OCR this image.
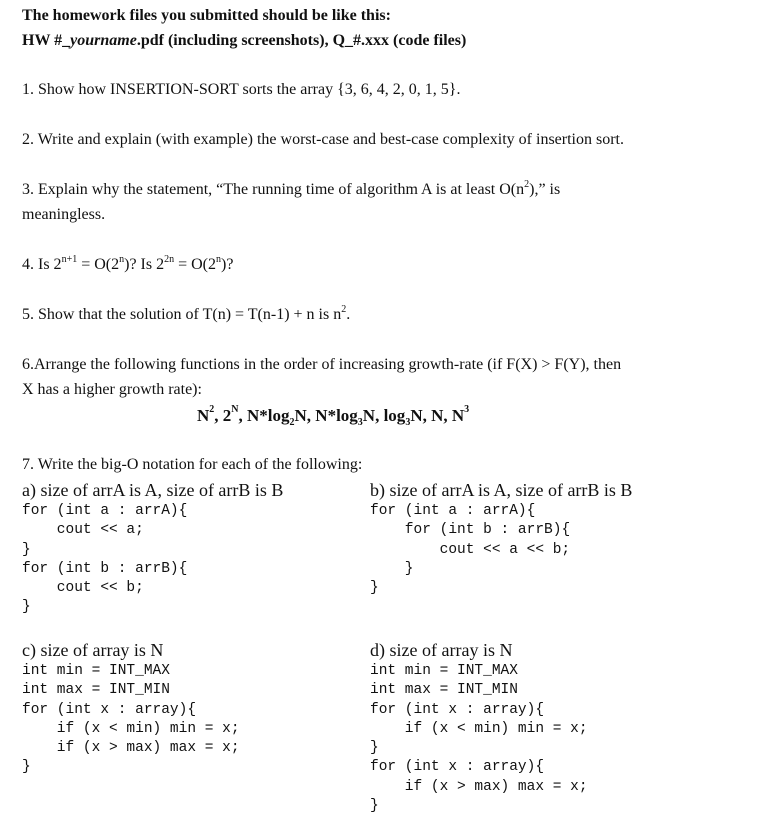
The homework files you submitted should be like this:
HW #_yourname.pdf (including screenshots), Q_#.xxx (code files)
1. Show how INSERTION-SORT sorts the array {3, 6, 4, 2, 0, 1, 5}.
2. Write and explain (with example) the worst-case and best-case complexity of insertion sort.
3. Explain why the statement, “The running time of algorithm A is at least $O(n^2)$,” is
meaningless.
4. Is $2^{n+1} = O(2^n)$? Is $2^{2n} = O(2^n)$?
5. Show that the solution of T(n) = T(n-1) + n is $n^2$.
6.Arrange the following functions in the order of increasing growth-rate (if F(X) > F(Y), then
X has a higher growth rate):
$N^2$, $2^N$, $N*\log_2N$, $N*\log_3N$, $\log_3N$, N, $N^3$
7. Write the big-O notation for each of the following:
a) size of arrA is A, size of arrB is B
for (int a : arrA){
cout << a;
}
for (int b : arrB){
cout << b;
}
b) size of arrA is A, size of arrB is B
for (int a : arrA){
for (int b : arrB){
cout << a << b;
}
}
c) size of array is N
int min = INT_MAX
int max = INT_MIN
for (int x : array){
if (x < min) min = x;
if (x > max) max = x;
}
d) size of array is N
int min = INT_MAX
int max = INT_MIN
for (int x : array){
if (x < min) min = x;
}
for (int x : array){
if (x > max) max = x;
}
